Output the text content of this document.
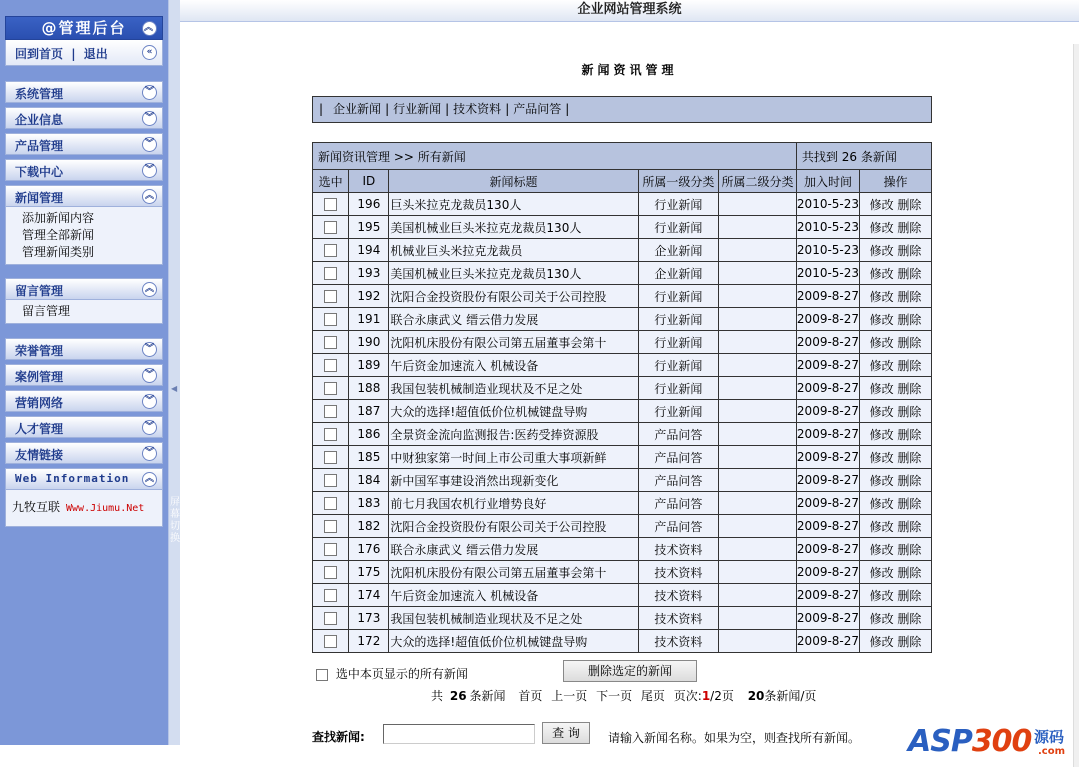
@管理后台 ︽
回到首页 | 退出	«
系统管理	︾
企业信息	︾
产品管理	︾
下载中心	︾
新闻管理	︽
添加新闻内容
管理全部新闻
管理新闻类别
留言管理	︽
留言管理
荣誉管理	︾
案例管理	︾
营销网络	︾
人才管理	︾
友情链接	︾
Web Information	︽
九牧互联 Www.Jiumu.Net
◀
屏幕切换
企业网站管理系统
新闻资讯管理
| 企业新闻 | 行业新闻 | 技术资料 | 产品问答 |
新闻资讯管理 >> 所有新闻					共找到 26 条新闻	
选中	ID	新闻标题	所属一级分类	所属二级分类	加入时间	操作
	196	巨头米拉克龙裁员130人	行业新闻		2010-5-23	修改 删除
	195	美国机械业巨头米拉克龙裁员130人	行业新闻		2010-5-23	修改 删除
	194	机械业巨头米拉克龙裁员	企业新闻		2010-5-23	修改 删除
	193	美国机械业巨头米拉克龙裁员130人	企业新闻		2010-5-23	修改 删除
	192	沈阳合金投资股份有限公司关于公司控股	行业新闻		2009-8-27	修改 删除
	191	联合永康武义 缙云借力发展	行业新闻		2009-8-27	修改 删除
	190	沈阳机床股份有限公司第五届董事会第十	行业新闻		2009-8-27	修改 删除
	189	午后资金加速流入 机械设备	行业新闻		2009-8-27	修改 删除
	188	我国包装机械制造业现状及不足之处	行业新闻		2009-8-27	修改 删除
	187	大众的选择!超值低价位机械键盘导购	行业新闻		2009-8-27	修改 删除
	186	全景资金流向监测报告:医药受捧资源股	产品问答		2009-8-27	修改 删除
	185	中财独家第一时间上市公司重大事项新鲜	产品问答		2009-8-27	修改 删除
	184	新中国军事建设消然出现新变化	产品问答		2009-8-27	修改 删除
	183	前七月我国农机行业增势良好	产品问答		2009-8-27	修改 删除
	182	沈阳合金投资股份有限公司关于公司控股	产品问答		2009-8-27	修改 删除
	176	联合永康武义 缙云借力发展	技术资料		2009-8-27	修改 删除
	175	沈阳机床股份有限公司第五届董事会第十	技术资料		2009-8-27	修改 删除
	174	午后资金加速流入 机械设备	技术资料		2009-8-27	修改 删除
	173	我国包装机械制造业现状及不足之处	技术资料		2009-8-27	修改 删除
	172	大众的选择!超值低价位机械键盘导购	技术资料		2009-8-27	修改 删除
选中本页显示的所有新闻	删除选定的新闻
共 26 条新闻 首页 上一页 下一页 尾页 页次:1/2页 20条新闻/页
查找新闻:	查 询	请输入新闻名称。如果为空，则查找所有新闻。 ASP300 源码
.com
